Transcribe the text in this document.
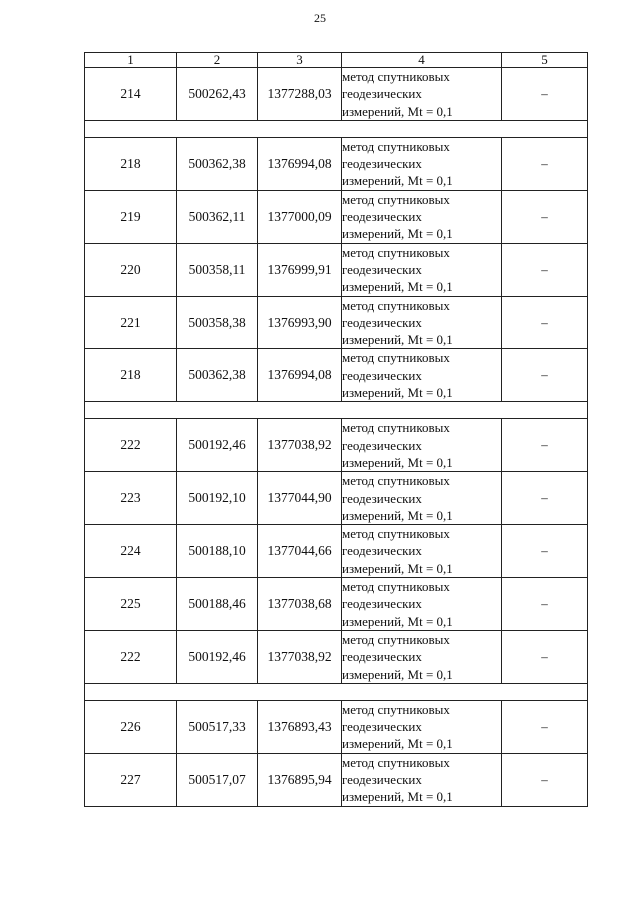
25
1	2	3	4	5
214	500262,43	1377288,03	метод спутниковых
геодезических
измерений, Mt = 0,1	–

218	500362,38	1376994,08	метод спутниковых
геодезических
измерений, Mt = 0,1	–
219	500362,11	1377000,09	метод спутниковых
геодезических
измерений, Mt = 0,1	–
220	500358,11	1376999,91	метод спутниковых
геодезических
измерений, Mt = 0,1	–
221	500358,38	1376993,90	метод спутниковых
геодезических
измерений, Mt = 0,1	–
218	500362,38	1376994,08	метод спутниковых
геодезических
измерений, Mt = 0,1	–

222	500192,46	1377038,92	метод спутниковых
геодезических
измерений, Mt = 0,1	–
223	500192,10	1377044,90	метод спутниковых
геодезических
измерений, Mt = 0,1	–
224	500188,10	1377044,66	метод спутниковых
геодезических
измерений, Mt = 0,1	–
225	500188,46	1377038,68	метод спутниковых
геодезических
измерений, Mt = 0,1	–
222	500192,46	1377038,92	метод спутниковых
геодезических
измерений, Mt = 0,1	–

226	500517,33	1376893,43	метод спутниковых
геодезических
измерений, Mt = 0,1	–
227	500517,07	1376895,94	метод спутниковых
геодезических
измерений, Mt = 0,1	–
